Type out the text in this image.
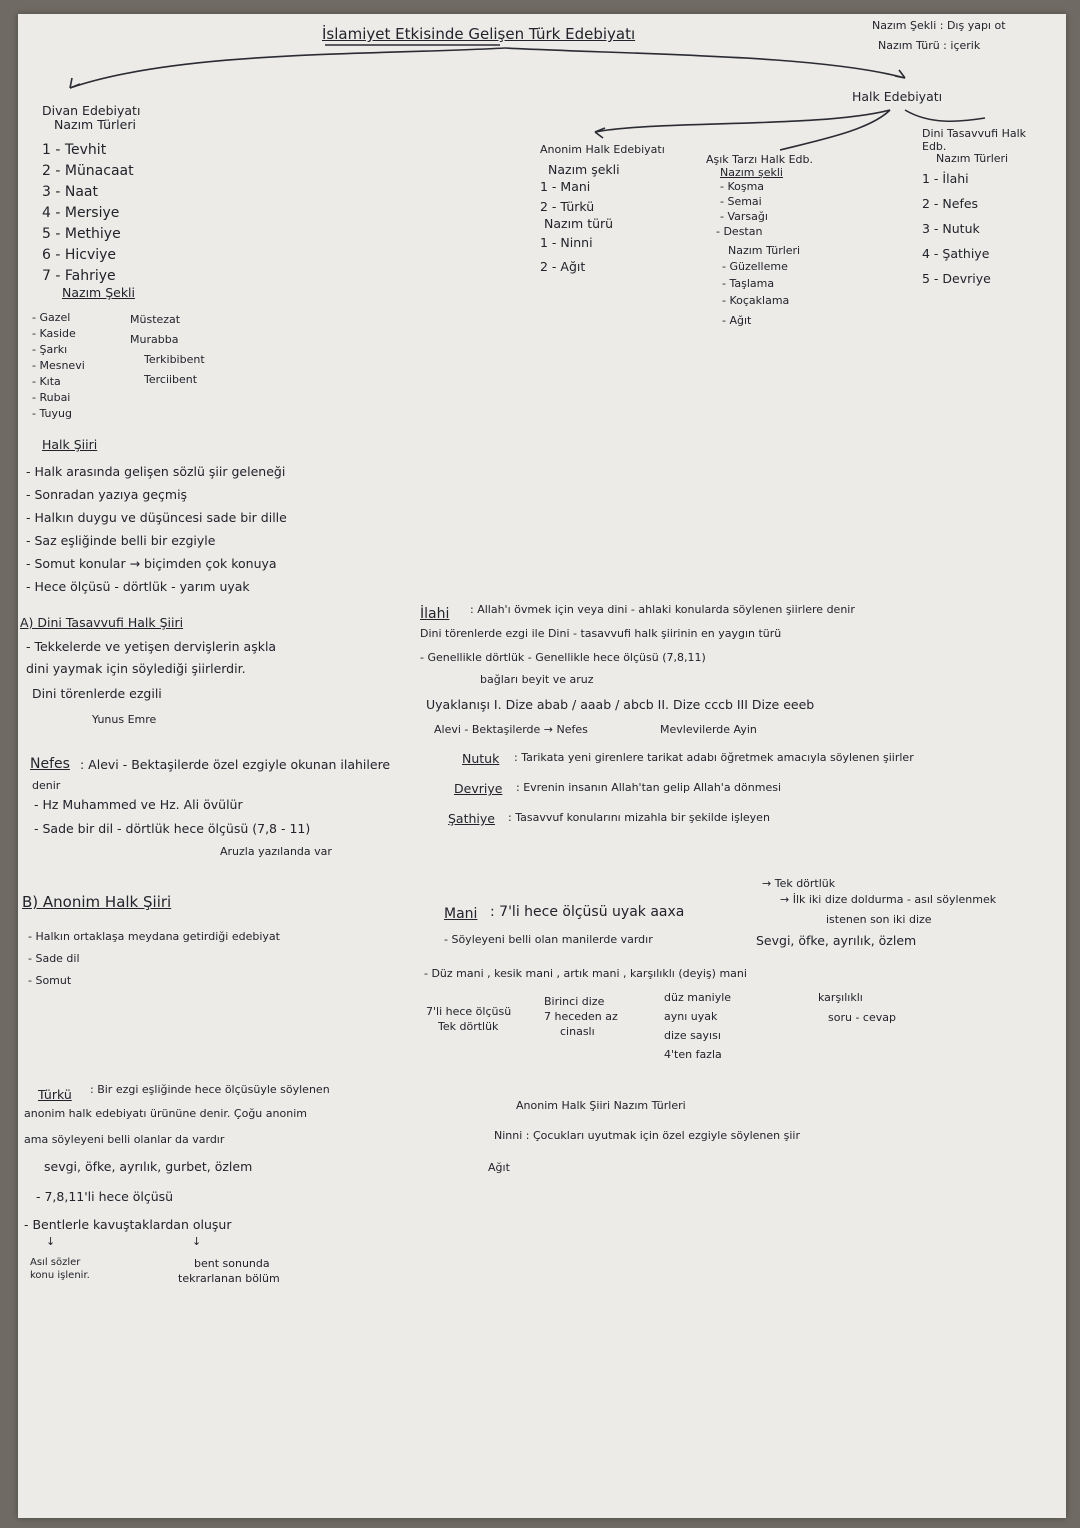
İslamiyet Etkisinde Gelişen Türk Edebiyatı	Nazım Şekli : Dış yapı ot
Nazım Türü : içerik
Divan Edebiyatı
Nazım Türleri
1 - Tevhit
2 - Münacaat
3 - Naat
4 - Mersiye
5 - Methiye
6 - Hicviye
7 - Fahriye
Nazım Şekli
- Gazel
- Kaside
- Şarkı
- Mesnevi
- Kıta
- Rubai
- Tuyug
Müstezat
Murabba
Terkibibent
Terciibent
Halk Edebiyatı
Anonim Halk Edebiyatı
Nazım şekli
1 - Mani
2 - Türkü
Nazım türü
1 - Ninni
2 - Ağıt
Aşık Tarzı Halk Edb.
Nazım şekli
- Koşma
- Semai
- Varsağı
- Destan
Nazım Türleri
- Güzelleme
- Taşlama
- Koçaklama
- Ağıt
Dini Tasavvufi Halk Edb.
Nazım Türleri
1 - İlahi
2 - Nefes
3 - Nutuk
4 - Şathiye
5 - Devriye
Halk Şiiri
- Halk arasında gelişen sözlü şiir geleneği
- Sonradan yazıya geçmiş
- Halkın duygu ve düşüncesi sade bir dille
- Saz eşliğinde belli bir ezgiyle
- Somut konular → biçimden çok konuya
- Hece ölçüsü - dörtlük - yarım uyak
A) Dini Tasavvufi Halk Şiiri
- Tekkelerde ve yetişen dervişlerin aşkla
dini yaymak için söylediği şiirlerdir.
Dini törenlerde ezgili
Yunus Emre
Nefes : Alevi - Bektaşilerde özel ezgiyle okunan ilahilere
denir
- Hz Muhammed ve Hz. Ali övülür
- Sade bir dil - dörtlük hece ölçüsü (7,8 - 11)
Aruzla yazılanda var
İlahi : Allah'ı övmek için veya dini - ahlaki konularda söylenen şiirlere denir
Dini törenlerde ezgi ile Dini - tasavvufi halk şiirinin en yaygın türü
- Genellikle dörtlük - Genellikle hece ölçüsü (7,8,11)
bağları beyit ve aruz
Uyaklanışı I. Dize abab / aaab / abcb II. Dize cccb III Dize eeeb
Alevi - Bektaşilerde → Nefes	Mevlevilerde Ayin
Nutuk : Tarikata yeni girenlere tarikat adabı öğretmek amacıyla söylenen şiirler
Devriye : Evrenin insanın Allah'tan gelip Allah'a dönmesi
Şathiye : Tasavvuf konularını mizahla bir şekilde işleyen
B) Anonim Halk Şiiri
- Halkın ortaklaşa meydana getirdiği edebiyat
- Sade dil
- Somut
→ Tek dörtlük
Mani : 7'li hece ölçüsü uyak aaxa
→ İlk iki dize doldurma - asıl söylenmek
istenen son iki dize
- Söyleyeni belli olan manilerde vardır	Sevgi, öfke, ayrılık, özlem
- Düz mani , kesik mani , artık mani , karşılıklı (deyiş) mani
7'li hece ölçüsü
Tek dörtlük
Birinci dize
7 heceden az
cinaslı
düz maniyle
aynı uyak
dize sayısı
4'ten fazla
karşılıklı
soru - cevap
Anonim Halk Şiiri Nazım Türleri
Ninni : Çocukları uyutmak için özel ezgiyle söylenen şiir
Ağıt
Türkü : Bir ezgi eşliğinde hece ölçüsüyle söylenen
anonim halk edebiyatı ürününe denir. Çoğu anonim
ama söyleyeni belli olanlar da vardır
sevgi, öfke, ayrılık, gurbet, özlem
- 7,8,11'li hece ölçüsü
- Bentlerle kavuştaklardan oluşur
↓	↓
Asıl sözler
konu işlenir.
bent sonunda
tekrarlanan bölüm
